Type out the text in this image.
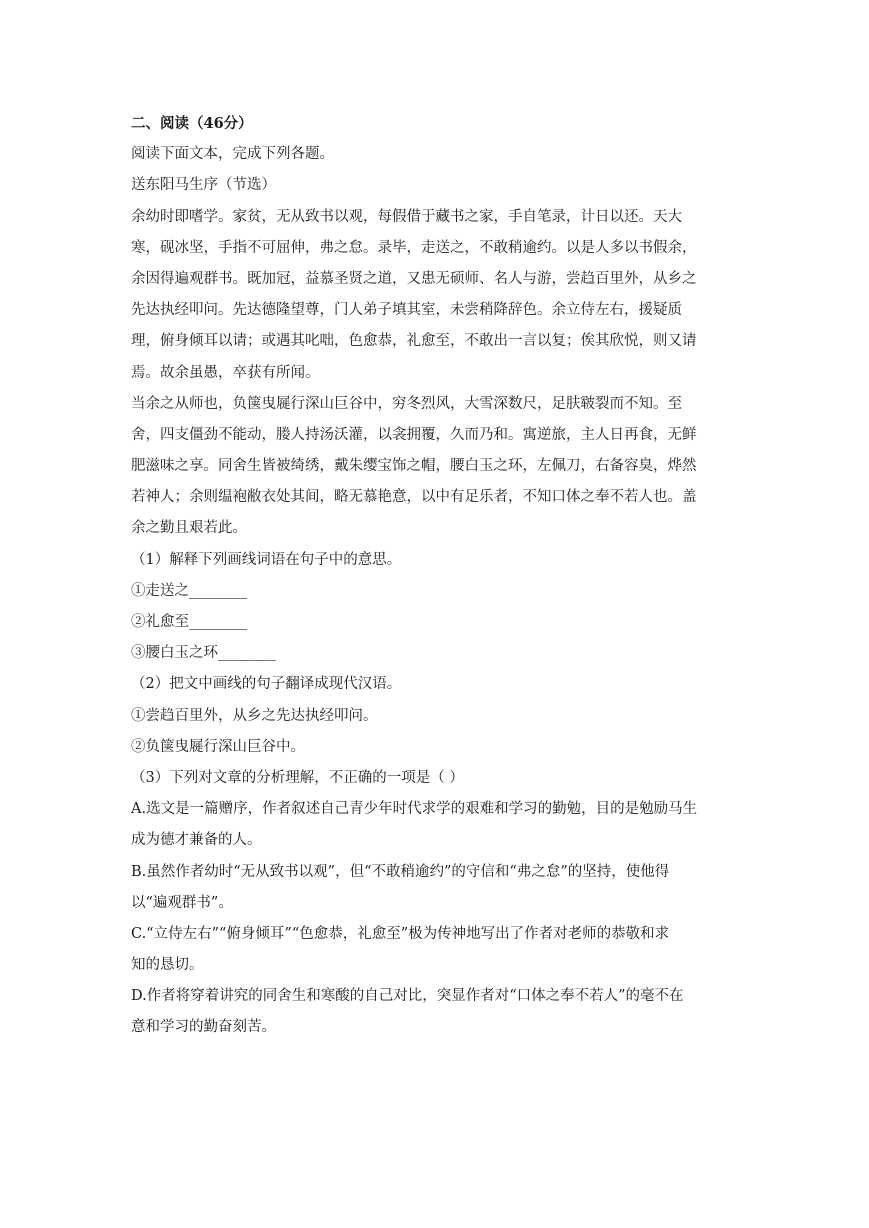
二、阅读（46分）
阅读下面文本，完成下列各题。
送东阳马生序（节选）
余幼时即嗜学。家贫，无从致书以观，每假借于藏书之家，手自笔录，计日以还。天大
寒，砚冰坚，手指不可屈伸，弗之怠。录毕，走送之，不敢稍逾约。以是人多以书假余，
余因得遍观群书。既加冠，益慕圣贤之道，又患无硕师、名人与游，尝趋百里外，从乡之
先达执经叩问。先达德隆望尊，门人弟子填其室，未尝稍降辞色。余立侍左右，援疑质
理，俯身倾耳以请；或遇其叱咄，色愈恭，礼愈至，不敢出一言以复；俟其欣悦，则又请
焉。故余虽愚，卒获有所闻。
当余之从师也，负箧曳屣行深山巨谷中，穷冬烈风，大雪深数尺，足肤皲裂而不知。至
舍，四支僵劲不能动，媵人持汤沃灌，以衾拥覆，久而乃和。寓逆旅，主人日再食，无鲜
肥滋味之享。同舍生皆被绮绣，戴朱缨宝饰之帽，腰白玉之环，左佩刀，右备容臭，烨然
若神人；余则缊袍敝衣处其间，略无慕艳意，以中有足乐者，不知口体之奉不若人也。盖
余之勤且艰若此。
（1）解释下列画线词语在句子中的意思。
①走送之________
②礼愈至________
③腰白玉之环________
（2）把文中画线的句子翻译成现代汉语。
①尝趋百里外，从乡之先达执经叩问。
②负箧曳屣行深山巨谷中。
（3）下列对文章的分析理解，不正确的一项是（ ）
A.选文是一篇赠序，作者叙述自己青少年时代求学的艰难和学习的勤勉，目的是勉励马生
成为德才兼备的人。
B.虽然作者幼时“无从致书以观”，但“不敢稍逾约”的守信和“弗之怠”的坚持，使他得
以“遍观群书”。
C.“立侍左右”“俯身倾耳”“色愈恭，礼愈至”极为传神地写出了作者对老师的恭敬和求
知的恳切。
D.作者将穿着讲究的同舍生和寒酸的自己对比，突显作者对“口体之奉不若人”的毫不在
意和学习的勤奋刻苦。
